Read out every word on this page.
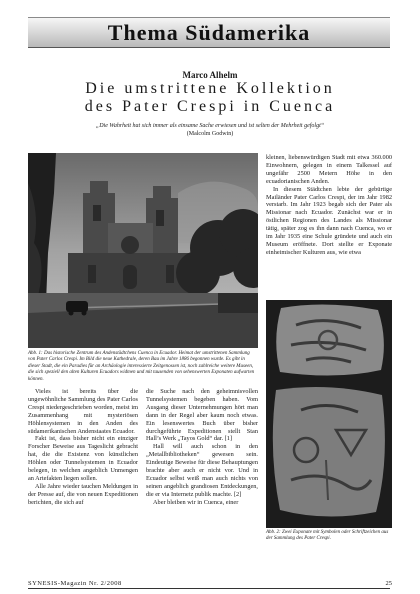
Thema Südamerika
Marco Alhelm
Die umstrittene Kollektion
des Pater Crespi in Cuenca
„Die Wahrheit hat sich immer als einsame Sache erwiesen und ist selten der Mehrheit gefolgt“
(Malcolm Godwin)
Abb. 1: Das historische Zentrum des Andenstädtchens Cuenca in Ecuador. Heimat der umstrittenen Sammlung von Pater Carlos Crespi. Im Bild die neue Kathedrale, deren Bau im Jahre 1886 begonnen wurde. Es gibt in dieser Stadt, die ein Paradies für an Archäologie interessierte Zeitgenossen ist, noch zahlreiche weitere Museen, die sich speziell den alten Kulturen Ecuadors widmen und mit tausenden von sehenswerten Exponaten aufwarten können.

kleinen, liebenswürdigen Stadt mit etwa 360.000 Einwohnern, gelegen in einem Talkessel auf ungefähr 2500 Metern Höhe in den ecuadorianischen Anden.

In diesem Städtchen lebte der gebürtige Mailänder Pater Carlos Crespi, der im Jahr 1982 verstarb. Im Jahr 1923 begab sich der Pater als Missionar nach Ecuador. Zunächst war er in östlichen Regionen des Landes als Missionar tätig, später zog es ihn dann nach Cuenca, wo er im Jahr 1935 eine Schule gründete und auch ein Museum eröffnete. Dort stellte er Exponate einheimischer Kulturen aus, wie etwa

Abb. 2: Zwei Exponate mit Symbolen oder Schriftzeichen aus der Sammlung des Pater Crespi.

Vieles ist bereits über die ungewöhnliche Sammlung des Pater Carlos Crespi niedergeschrieben worden, meist im Zusammenhang mit mysteriösen Höhlensystemen in den Anden des südamerikanischen Andenstaates Ecuador.

Fakt ist, dass bisher nicht ein einziger Forscher Beweise aus Tageslicht gebracht hat, die die Existenz von künstlichen Höhlen oder Tunnelsystemen in Ecuador belegen, in welchen angeblich Unmengen an Artefakten liegen sollen.

Alle Jahre wieder tauchen Meldungen in der Presse auf, die von neuen Expeditionen berichten, die sich auf

die Suche nach den geheimnisvollen Tunnelsystemen begeben haben. Vom Ausgang dieser Unternehmungen hört man dann in der Regel aber kaum noch etwas. Ein lesenswertes Buch über bisher durchgeführte Expeditionen stellt Stan Hall’s Werk „Tayos Gold“ dar. [1]

Hall will auch schon in den „Metallbibliotheken“ gewesen sein. Eindeutige Beweise für diese Behauptungen brachte aber auch er nicht vor. Und in Ecuador selbst weiß man auch nichts von seinen angeblich grandiosen Entdeckungen, die er via Internetz publik machte. [2]

Aber bleiben wir in Cuenca, einer

SYNESIS-Magazin Nr. 2/2008	25
